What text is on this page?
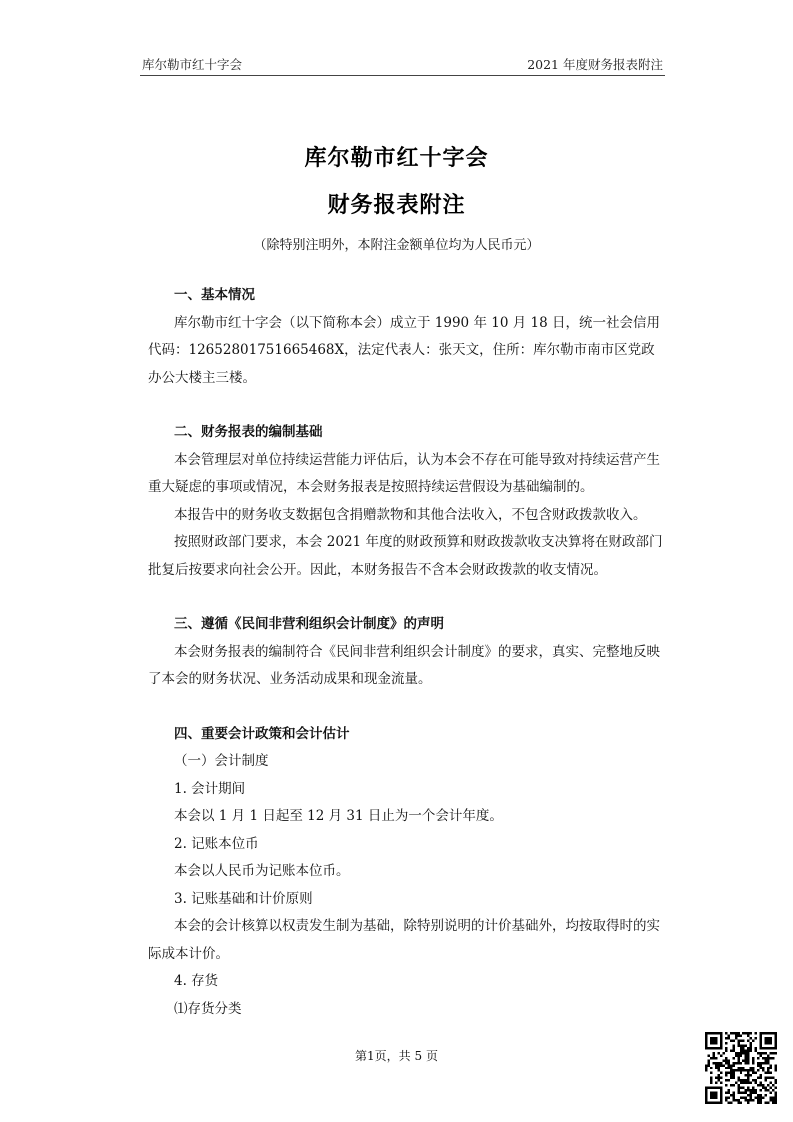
库尔勒市红十字会	2021 年度财务报表附注
库尔勒市红十字会
财务报表附注
（除特别注明外，本附注金额单位均为人民币元）

一、基本情况

库尔勒市红十字会（以下简称本会）成立于 1990 年 10 月 18 日，统一社会信用代码：12652801751665468X，法定代表人：张天文，住所：库尔勒市南市区党政办公大楼主三楼。

二、财务报表的编制基础

本会管理层对单位持续运营能力评估后，认为本会不存在可能导致对持续运营产生重大疑虑的事项或情况，本会财务报表是按照持续运营假设为基础编制的。

本报告中的财务收支数据包含捐赠款物和其他合法收入，不包含财政拨款收入。

按照财政部门要求，本会 2021 年度的财政预算和财政拨款收支决算将在财政部门批复后按要求向社会公开。因此，本财务报告不含本会财政拨款的收支情况。

三、遵循《民间非营利组织会计制度》的声明

本会财务报表的编制符合《民间非营利组织会计制度》的要求，真实、完整地反映了本会的财务状况、业务活动成果和现金流量。

四、重要会计政策和会计估计

（一）会计制度

1. 会计期间

本会以 1 月 1 日起至 12 月 31 日止为一个会计年度。

2. 记账本位币

本会以人民币为记账本位币。

3. 记账基础和计价原则

本会的会计核算以权责发生制为基础，除特别说明的计价基础外，均按取得时的实际成本计价。

4. 存货

⑴存货分类

第1页，共 5 页
